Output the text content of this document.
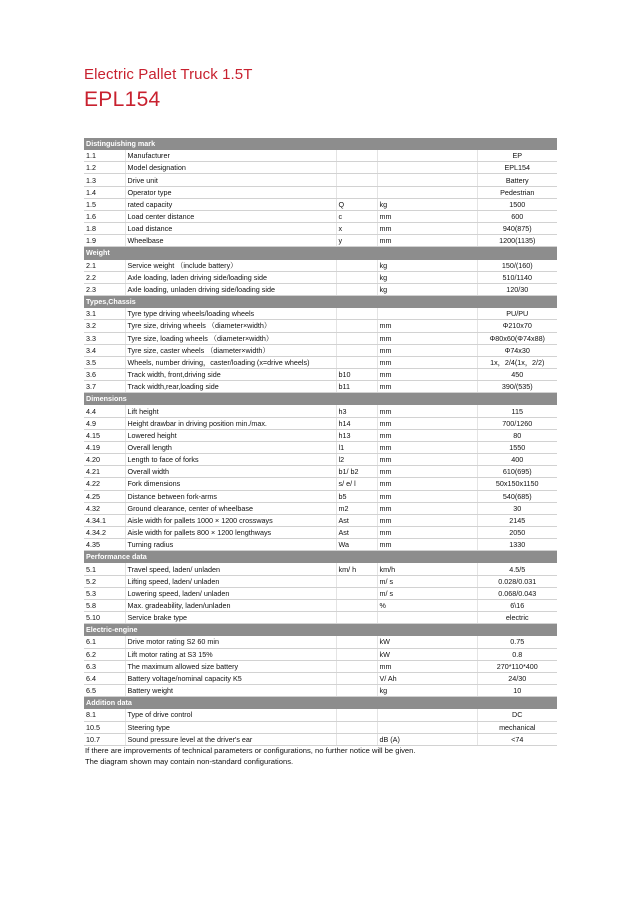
Electric Pallet Truck 1.5T
EPL154
Distinguishing mark				
1.1	Manufacturer			EP
1.2	Model designation			EPL154
1.3	Drive unit			Battery
1.4	Operator type			Pedestrian
1.5	rated capacity	Q	kg	1500
1.6	Load center distance	c	mm	600
1.8	Load distance	x	mm	940(875)
1.9	Wheelbase	y	mm	1200(1135)
Weight				
2.1	Service weight （include battery）		kg	150/(160)
2.2	Axle loading, laden driving side/loading side		kg	510/1140
2.3	Axle loading, unladen driving side/loading side		kg	120/30
Types,Chassis				
3.1	Tyre type driving wheels/loading wheels			PU/PU
3.2	Tyre size, driving wheels （diameter×width）		mm	Φ210x70
3.3	Tyre size, loading wheels （diameter×width）		mm	Φ80x60(Φ74x88)
3.4	Tyre size, caster wheels （diameter×width）		mm	Φ74x30
3.5	Wheels, number driving，caster/loading (x=drive wheels)		mm	1x，2/4(1x，2/2)
3.6	Track width, front,driving side	b10	mm	450
3.7	Track width,rear,loading side	b11	mm	390/(535)
Dimensions				
4.4	Lift height	h3	mm	115
4.9	Height drawbar in driving position min./max.	h14	mm	700/1260
4.15	Lowered height	h13	mm	80
4.19	Overall length	l1	mm	1550
4.20	Length to face of forks	l2	mm	400
4.21	Overall width	b1/ b2	mm	610(695)
4.22	Fork dimensions	s/ e/ l	mm	50x150x1150
4.25	Distance between fork-arms	b5	mm	540(685)
4.32	Ground clearance, center of wheelbase	m2	mm	30
4.34.1	Aisle width for pallets 1000 × 1200 crossways	Ast	mm	2145
4.34.2	Aisle width for pallets 800 × 1200 lengthways	Ast	mm	2050
4.35	Turning radius	Wa	mm	1330
Performance data				
5.1	Travel speed, laden/ unladen	km/ h	km/h	4.5/5
5.2	Lifting speed, laden/ unladen		m/ s	0.028/0.031
5.3	Lowering speed, laden/ unladen		m/ s	0.068/0.043
5.8	Max. gradeability, laden/unladen		%	6\16
5.10	Service brake type			electric
Electric-engine				
6.1	Drive motor rating S2 60 min		kW	0.75
6.2	Lift motor rating at S3 15%		kW	0.8
6.3	The maximum allowed size battery		mm	270*110*400
6.4	Battery voltage/nominal capacity K5		V/ Ah	24/30
6.5	Battery weight		kg	10
Addition data				
8.1	Type of drive control			DC
10.5	Steering type			mechanical
10.7	Sound pressure level at the driver's ear		dB (A)	<74
If there are improvements of technical parameters or configurations, no further notice will be given.
The diagram shown may contain non-standard configurations.
